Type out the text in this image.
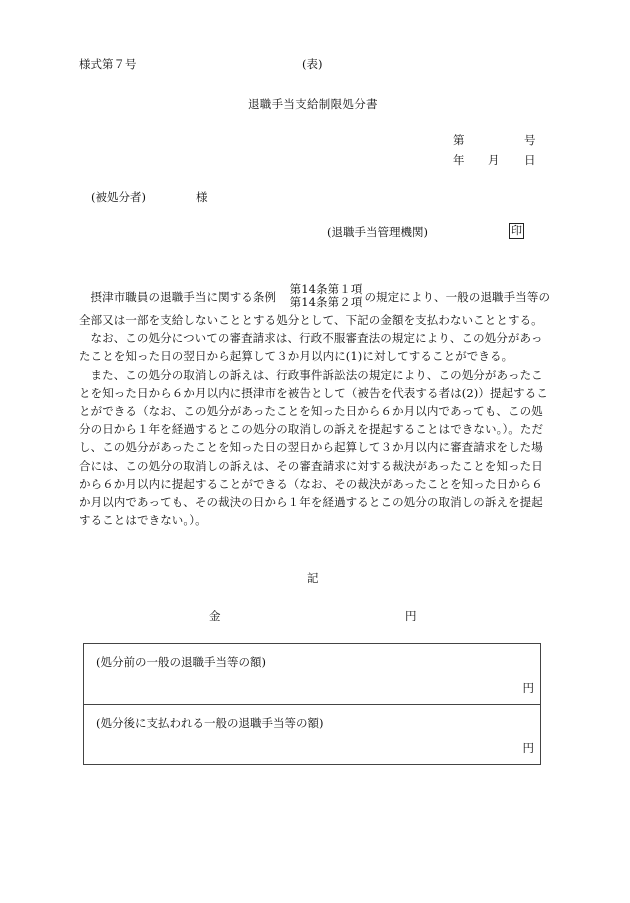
様式第７号	(表)
退職手当支給制限処分書
第	号
年 月 日
(被処分者)	様
(退職手当管理機関)	印

摂津市職員の退職手当に関する条例
第14条第１項
第14条第２項 の規定により、一般の退職手当等の全部又は一部を支給しないこととする処分として、下記の金額を支払わないこととする。

なお、この処分についての審査請求は、行政不服審査法の規定により、この処分があったことを知った日の翌日から起算して３か月以内に(1)に対してすることができる。

また、この処分の取消しの訴えは、行政事件訴訟法の規定により、この処分があったことを知った日から６か月以内に摂津市を被告として（被告を代表する者は(2)）提起することができる（なお、この処分があったことを知った日から６か月以内であっても、この処分の日から１年を経過するとこの処分の取消しの訴えを提起することはできない。）。ただし、この処分があったことを知った日の翌日から起算して３か月以内に審査請求をした場合には、この処分の取消しの訴えは、その審査請求に対する裁決があったことを知った日から６か月以内に提起することができる（なお、その裁決があったことを知った日から６か月以内であっても、その裁決の日から１年を経過するとこの処分の取消しの訴えを提起することはできない。）。

記
金	円
(処分前の一般の退職手当等の額)
円
(処分後に支払われる一般の退職手当等の額)
円
